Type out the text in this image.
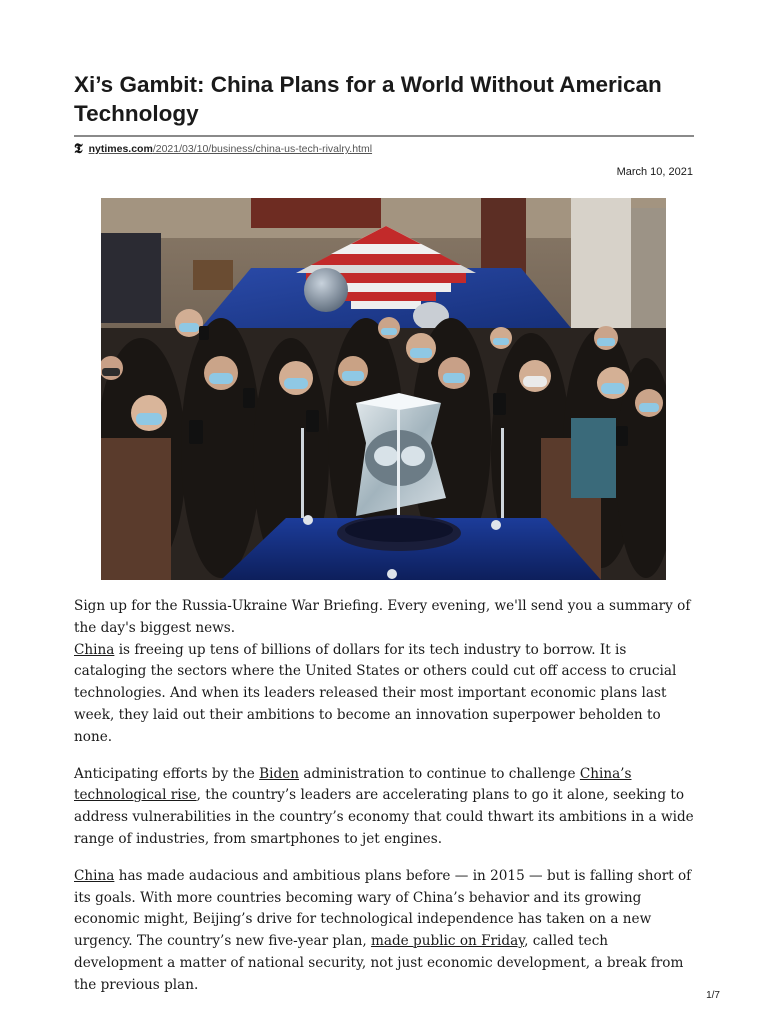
Xi’s Gambit: China Plans for a World Without American Technology
𝕿 nytimes.com/2021/03/10/business/china-us-tech-rivalry.html
March 10, 2021

Sign up for the Russia-Ukraine War Briefing. Every evening, we'll send you a summary of the day's biggest news.

China is freeing up tens of billions of dollars for its tech industry to borrow. It is cataloging the sectors where the United States or others could cut off access to crucial technologies. And when its leaders released their most important economic plans last week, they laid out their ambitions to become an innovation superpower beholden to none.

Anticipating efforts by the Biden administration to continue to challenge China’s technological rise, the country’s leaders are accelerating plans to go it alone, seeking to address vulnerabilities in the country’s economy that could thwart its ambitions in a wide range of industries, from smartphones to jet engines.

China has made audacious and ambitious plans before — in 2015 — but is falling short of its goals. With more countries becoming wary of China’s behavior and its growing economic might, Beijing’s drive for technological independence has taken on a new urgency. The country’s new five-year plan, made public on Friday, called tech development a matter of national security, not just economic development, a break from the previous plan.

1/7
